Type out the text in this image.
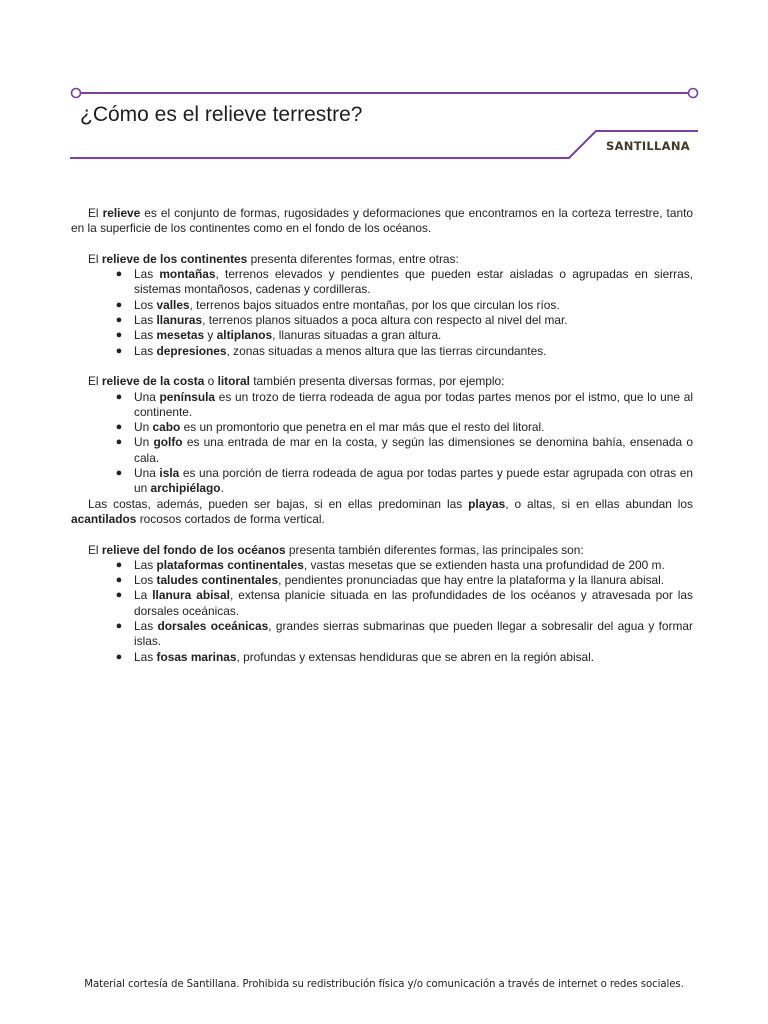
¿Cómo es el relieve terrestre?
SANTILLANA

El relieve es el conjunto de formas, rugosidades y deformaciones que encontramos en la corteza terrestre, tanto en la superficie de los continentes como en el fondo de los océanos.

El relieve de los continentes presenta diferentes formas, entre otras:

● Las montañas, terrenos elevados y pendientes que pueden estar aisladas o agrupadas en sierras, sistemas montañosos, cadenas y cordilleras.
● Los valles, terrenos bajos situados entre montañas, por los que circulan los ríos.
● Las llanuras, terrenos planos situados a poca altura con respecto al nivel del mar.
● Las mesetas y altiplanos, llanuras situadas a gran altura.
● Las depresiones, zonas situadas a menos altura que las tierras circundantes.

El relieve de la costa o litoral también presenta diversas formas, por ejemplo:

● Una península es un trozo de tierra rodeada de agua por todas partes menos por el istmo, que lo une al continente.
● Un cabo es un promontorio que penetra en el mar más que el resto del litoral.
● Un golfo es una entrada de mar en la costa, y según las dimensiones se denomina bahía, ensenada o cala.
● Una isla es una porción de tierra rodeada de agua por todas partes y puede estar agrupada con otras en un archipiélago.

Las costas, además, pueden ser bajas, si en ellas predominan las playas, o altas, si en ellas abundan los acantilados rocosos cortados de forma vertical.

El relieve del fondo de los océanos presenta también diferentes formas, las principales son:

● Las plataformas continentales, vastas mesetas que se extienden hasta una profundidad de 200 m.
● Los taludes continentales, pendientes pronunciadas que hay entre la plataforma y la llanura abisal.
● La llanura abisal, extensa planicie situada en las profundidades de los océanos y atravesada por las dorsales oceánicas.
● Las dorsales oceánicas, grandes sierras submarinas que pueden llegar a sobresalir del agua y formar islas.
● Las fosas marinas, profundas y extensas hendiduras que se abren en la región abisal.
Material cortesía de Santillana. Prohibida su redistribución física y/o comunicación a través de internet o redes sociales.
